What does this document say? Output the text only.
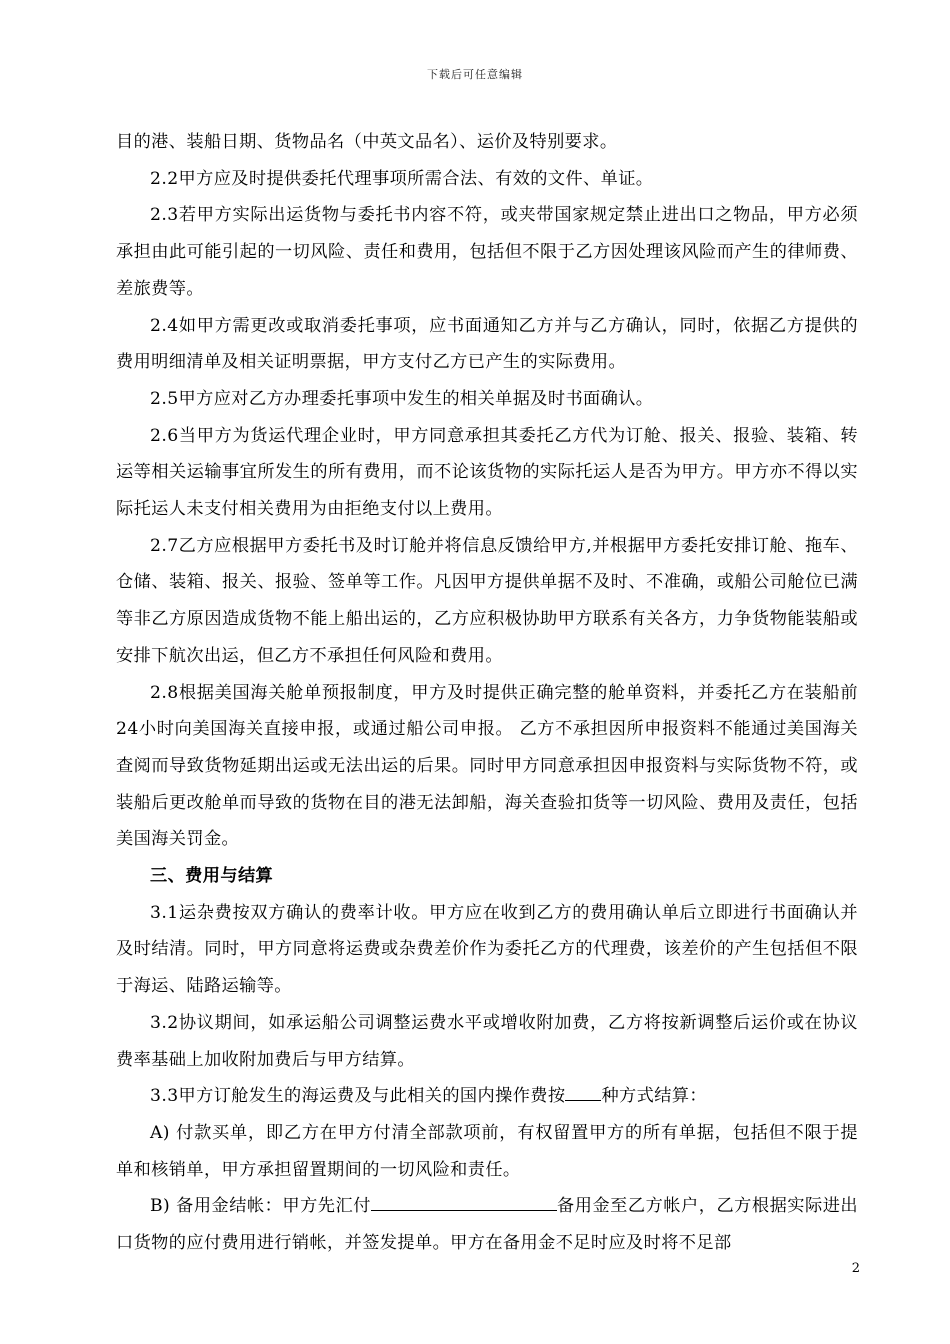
下载后可任意编辑

目的港、装船日期、货物品名（中英文品名）、运价及特别要求。

2.2甲方应及时提供委托代理事项所需合法、有效的文件、单证。

2.3若甲方实际出运货物与委托书内容不符，或夹带国家规定禁止进出口之物品，甲方必须承担由此可能引起的一切风险、责任和费用，包括但不限于乙方因处理该风险而产生的律师费、差旅费等。

2.4如甲方需更改或取消委托事项，应书面通知乙方并与乙方确认，同时，依据乙方提供的费用明细清单及相关证明票据，甲方支付乙方已产生的实际费用。

2.5甲方应对乙方办理委托事项中发生的相关单据及时书面确认。

2.6当甲方为货运代理企业时，甲方同意承担其委托乙方代为订舱、报关、报验、装箱、转运等相关运输事宜所发生的所有费用，而不论该货物的实际托运人是否为甲方。甲方亦不得以实际托运人未支付相关费用为由拒绝支付以上费用。

2.7乙方应根据甲方委托书及时订舱并将信息反馈给甲方,并根据甲方委托安排订舱、拖车、仓储、装箱、报关、报验、签单等工作。凡因甲方提供单据不及时、不准确，或船公司舱位已满等非乙方原因造成货物不能上船出运的，乙方应积极协助甲方联系有关各方，力争货物能装船或安排下航次出运，但乙方不承担任何风险和费用。

2.8根据美国海关舱单预报制度，甲方及时提供正确完整的舱单资料，并委托乙方在装船前24小时向美国海关直接申报，或通过船公司申报。 乙方不承担因所申报资料不能通过美国海关查阅而导致货物延期出运或无法出运的后果。同时甲方同意承担因申报资料与实际货物不符，或装船后更改舱单而导致的货物在目的港无法卸船，海关查验扣货等一切风险、费用及责任，包括美国海关罚金。

三、费用与结算

3.1运杂费按双方确认的费率计收。甲方应在收到乙方的费用确认单后立即进行书面确认并及时结清。同时，甲方同意将运费或杂费差价作为委托乙方的代理费，该差价的产生包括但不限于海运、陆路运输等。

3.2协议期间，如承运船公司调整运费水平或增收附加费，乙方将按新调整后运价或在协议费率基础上加收附加费后与甲方结算。

3.3甲方订舱发生的海运费及与此相关的国内操作费按 种方式结算：

A) 付款买单，即乙方在甲方付清全部款项前，有权留置甲方的所有单据，包括但不限于提单和核销单，甲方承担留置期间的一切风险和责任。

B) 备用金结帐：甲方先汇付	备用金至乙方帐户，乙方根据实际进出口货物的应付费用进行销帐，并签发提单。甲方在备用金不足时应及时将不足部

2
